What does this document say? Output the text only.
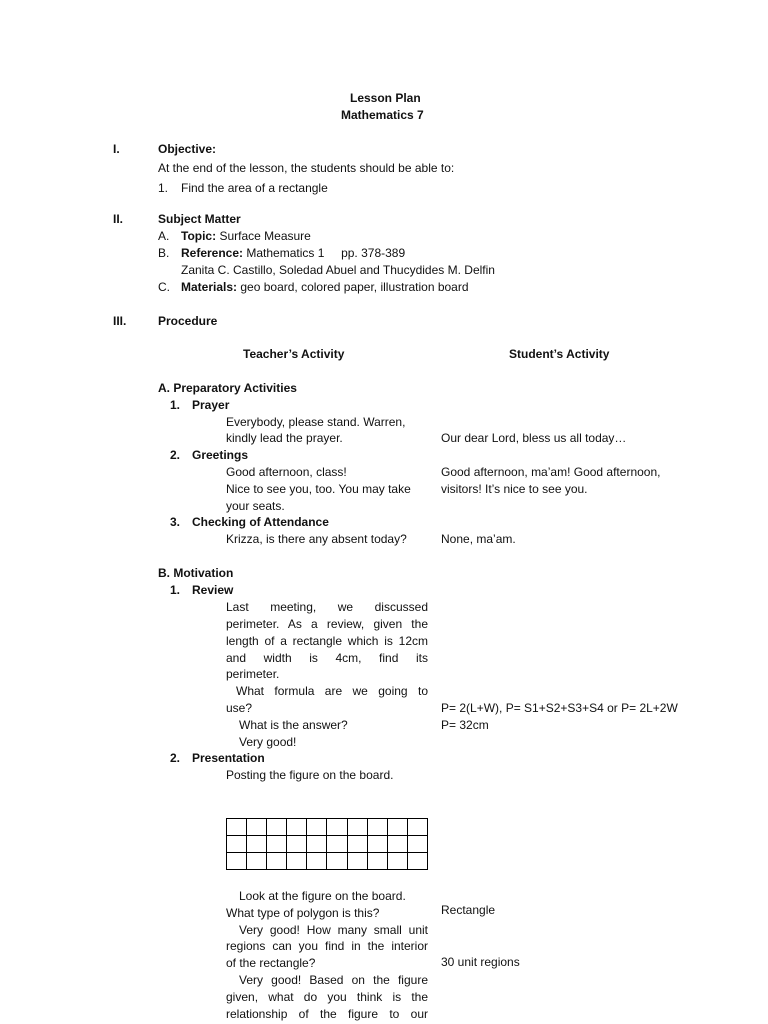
Lesson Plan
Mathematics 7
I.	Objective:
At the end of the lesson, the students should be able to:
1. Find the area of a rectangle
II.	Subject Matter
A. Topic: Surface Measure
B. Reference: Mathematics 1     pp. 378-389
Zanita C. Castillo, Soledad Abuel and Thucydides M. Delfin
C. Materials: geo board, colored paper, illustration board
III.	Procedure
Teacher’s Activity	Student’s Activity
A. Preparatory Activities
1. Prayer
Everybody, please stand. Warren,
kindly lead the prayer.	Our dear Lord, bless us all today…
2. Greetings
Good afternoon, class!	Good afternoon, ma’am! Good afternoon,
Nice to see you, too. You may take	visitors! It’s nice to see you.
your seats.
3. Checking of Attendance
Krizza, is there any absent today?	None, ma’am.
B. Motivation
1. Review
Last meeting, we discussed
perimeter. As a review, given the
length of a rectangle which is 12cm
and width is 4cm, find its
perimeter.
What formula are we going to
use?	P= 2(L+W), P= S1+S2+S3+S4 or P= 2L+2W
What is the answer?	P= 32cm
Very good!
2. Presentation
Posting the figure on the board.

Look at the figure on the board.
What type of polygon is this?	Rectangle
Very good! How many small unit
regions can you find in the interior
of the rectangle?	30 unit regions
Very good! Based on the figure
given, what do you think is the
relationship of the figure to our
